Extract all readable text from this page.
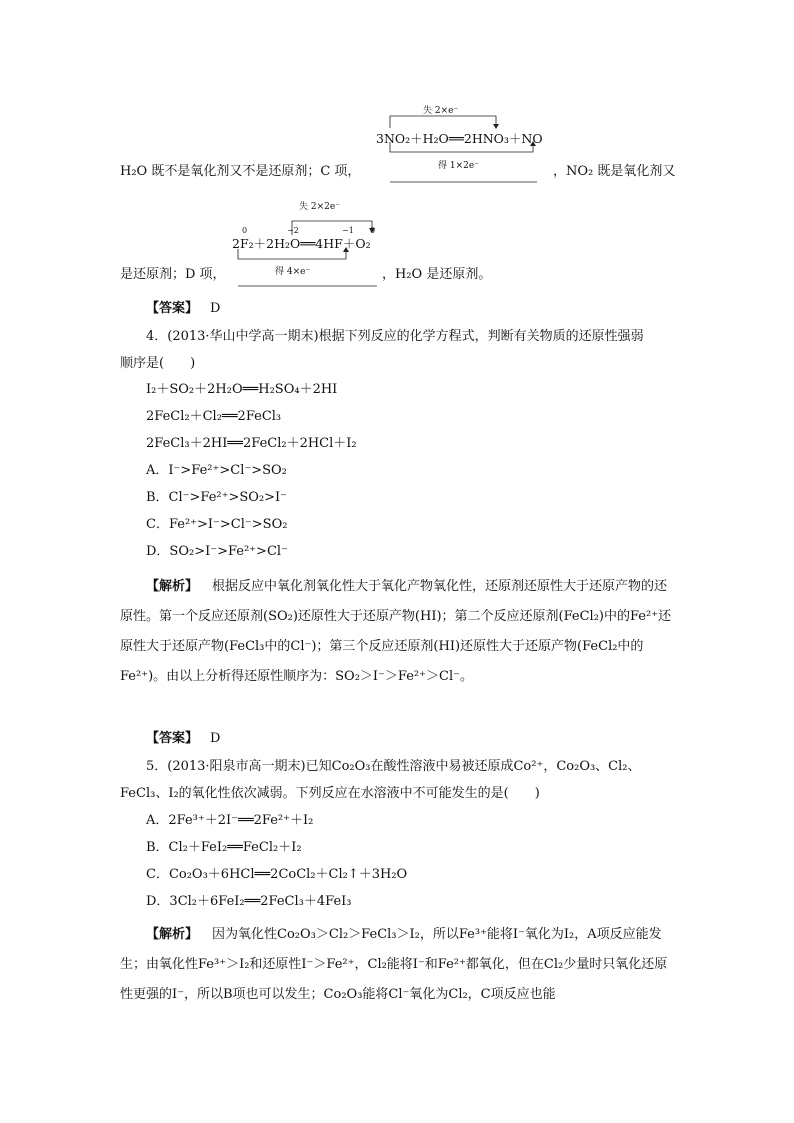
失 2×e⁻
3NO₂＋H₂O══2HNO₃＋NO
得 1×2e⁻
H₂O 既不是氧化剂又不是还原剂；C 项，	，NO₂ 既是氧化剂又
失 2×2e⁻
0	−2	−1 0
2F₂＋2H₂O══4HF＋O₂
得 4×e⁻
是还原剂；D 项，	，H₂O 是还原剂。
【答案】 D
4．(2013·华山中学高一期末)根据下列反应的化学方程式，判断有关物质的还原性强弱
顺序是(　　)
I₂＋SO₂＋2H₂O══H₂SO₄＋2HI
2FeCl₂＋Cl₂══2FeCl₃
2FeCl₃＋2HI══2FeCl₂＋2HCl＋I₂
A．I⁻>Fe²⁺>Cl⁻>SO₂
B．Cl⁻>Fe²⁺>SO₂>I⁻
C．Fe²⁺>I⁻>Cl⁻>SO₂
D．SO₂>I⁻>Fe²⁺>Cl⁻
【解析】 根据反应中氧化剂氧化性大于氧化产物氧化性，还原剂还原性大于还原产物的还原性。第一个反应还原剂(SO₂)还原性大于还原产物(HI)；第二个反应还原剂(FeCl₂)中的Fe²⁺还原性大于还原产物(FeCl₃中的Cl⁻)；第三个反应还原剂(HI)还原性大于还原产物(FeCl₂中的Fe²⁺)。由以上分析得还原性顺序为：SO₂＞I⁻＞Fe²⁺＞Cl⁻。
【答案】 D
5．(2013·阳泉市高一期末)已知Co₂O₃在酸性溶液中易被还原成Co²⁺，Co₂O₃、Cl₂、
FeCl₃、I₂的氧化性依次减弱。下列反应在水溶液中不可能发生的是(　　)
A．2Fe³⁺＋2I⁻══2Fe²⁺＋I₂
B．Cl₂＋FeI₂══FeCl₂＋I₂
C．Co₂O₃＋6HCl══2CoCl₂＋Cl₂↑＋3H₂O
D．3Cl₂＋6FeI₂══2FeCl₃＋4FeI₃
【解析】 因为氧化性Co₂O₃＞Cl₂＞FeCl₃＞I₂，所以Fe³⁺能将I⁻氧化为I₂，A项反应能发生；由氧化性Fe³⁺＞I₂和还原性I⁻＞Fe²⁺，Cl₂能将I⁻和Fe²⁺都氧化，但在Cl₂少量时只氧化还原性更强的I⁻，所以B项也可以发生；Co₂O₃能将Cl⁻氧化为Cl₂，C项反应也能
